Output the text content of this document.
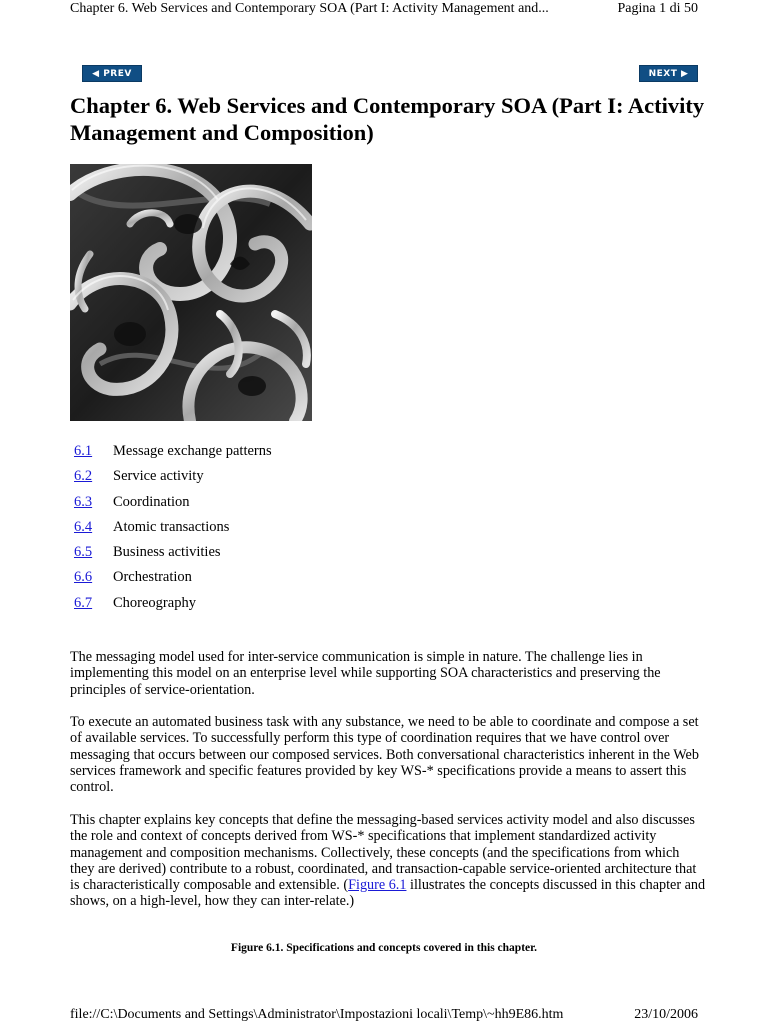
Chapter 6. Web Services and Contemporary SOA (Part I: Activity Management and...	Pagina 1 di 50
◀ PREV	NEXT ▶
Chapter 6. Web Services and Contemporary SOA (Part I: Activity Management and Composition)
6.1 Message exchange patterns
6.2 Service activity
6.3 Coordination
6.4 Atomic transactions
6.5 Business activities
6.6 Orchestration
6.7 Choreography

The messaging model used for inter-service communication is simple in nature. The challenge lies in implementing this model on an enterprise level while supporting SOA characteristics and preserving the principles of service-orientation.

To execute an automated business task with any substance, we need to be able to coordinate and compose a set of available services. To successfully perform this type of coordination requires that we have control over messaging that occurs between our composed services. Both conversational characteristics inherent in the Web services framework and specific features provided by key WS-* specifications provide a means to assert this control.

This chapter explains key concepts that define the messaging-based services activity model and also discusses the role and context of concepts derived from WS-* specifications that implement standardized activity management and composition mechanisms. Collectively, these concepts (and the specifications from which they are derived) contribute to a robust, coordinated, and transaction-capable service-oriented architecture that is characteristically composable and extensible. (Figure 6.1 illustrates the concepts discussed in this chapter and shows, on a high-level, how they can inter-relate.)

Figure 6.1. Specifications and concepts covered in this chapter.
file://C:\Documents and Settings\Administrator\Impostazioni locali\Temp\~hh9E86.htm	23/10/2006
